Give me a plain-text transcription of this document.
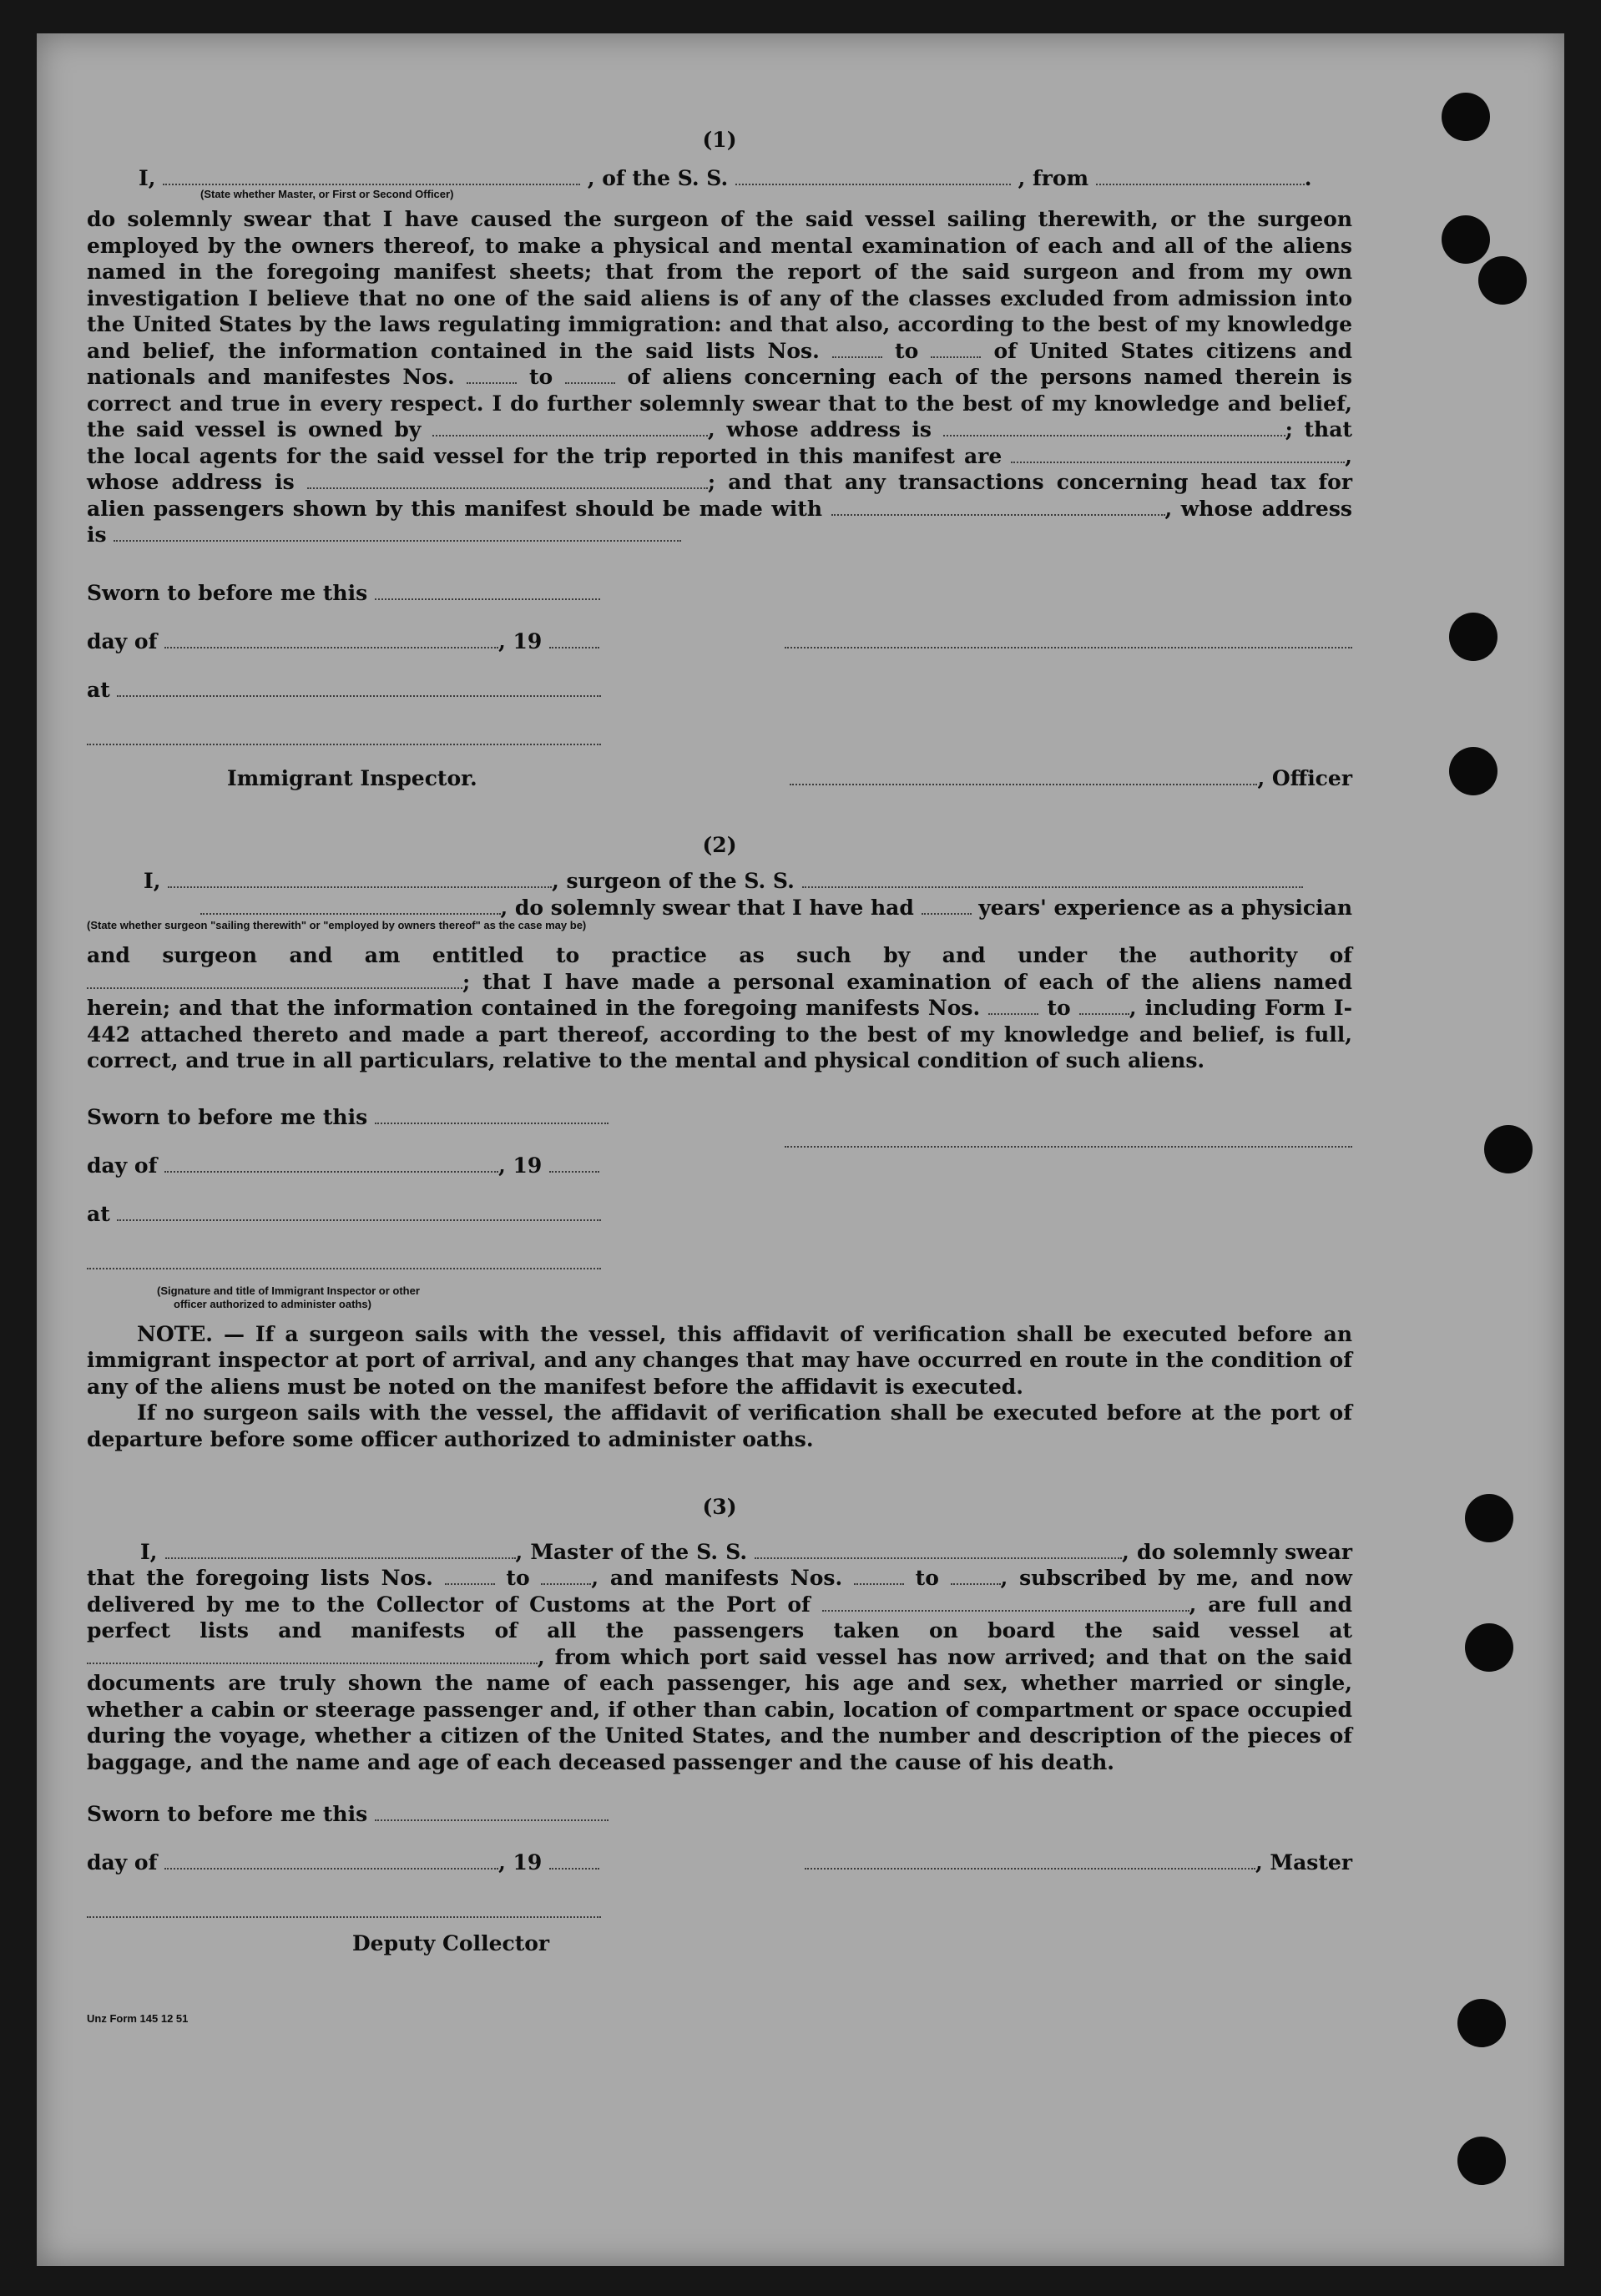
(1)

I,	, of the S. S.	, from	.
(State whether Master, or First or Second Officer)

do solemnly swear that I have caused the surgeon of the said vessel sailing therewith, or the surgeon employed by the owners thereof, to make a physical and mental examination of each and all of the aliens named in the foregoing manifest sheets; that from the report of the said surgeon and from my own investigation I believe that no one of the said aliens is of any of the classes excluded from admission into the United States by the laws regulating immigration: and that also, according to the best of my knowledge and belief, the information contained in the said lists Nos.	to	of United States citizens and nationals and manifestes Nos.	to	of aliens concerning each of the persons named therein is correct and true in every respect. I do further solemnly swear that to the best of my knowledge and belief, the said vessel is owned by	, whose address is	; that the local agents for the said vessel for the trip reported in this manifest are	, whose address is	; and that any transactions concerning head tax for alien passengers shown by this manifest should be made with	, whose address is

Sworn to before me this
day of	, 19
at
Immigrant Inspector.	, Officer

(2)

I,	, surgeon of the S. S.
, do solemnly swear that I have had	years' experience as a physician
(State whether surgeon "sailing therewith" or "employed by owners thereof" as the case may be)

and surgeon and am entitled to practice as such by and under the authority of ; that I have made a personal examination of each of the aliens named herein; and that the information contained in the foregoing manifests Nos.	to	, including Form I-442 attached thereto and made a part thereof, according to the best of my knowledge and belief, is full, correct, and true in all particulars, relative to the mental and physical condition of such aliens.

Sworn to before me this
day of	, 19
at
(Signature and title of Immigrant Inspector or other
officer authorized to administer oaths)

NOTE. — If a surgeon sails with the vessel, this affidavit of verification shall be executed before an immigrant inspector at port of arrival, and any changes that may have occurred en route in the condition of any of the aliens must be noted on the manifest before the affidavit is executed.

If no surgeon sails with the vessel, the affidavit of verification shall be executed before at the port of departure before some officer authorized to administer oaths.

(3)

I,	, Master of the S. S.	, do solemnly swear that the foregoing lists Nos.	to	, and manifests Nos.	to	, subscribed by me, and now delivered by me to the Collector of Customs at the Port of	, are full and perfect lists and manifests of all the passengers taken on board the said vessel at , from which port said vessel has now arrived; and that on the said documents are truly shown the name of each passenger, his age and sex, whether married or single, whether a cabin or steerage passenger and, if other than cabin, location of compartment or space occupied during the voyage, whether a citizen of the United States, and the number and description of the pieces of baggage, and the name and age of each deceased passenger and the cause of his death.

Sworn to before me this
day of	, 19	, Master
Deputy Collector
Unz Form 145 12 51
